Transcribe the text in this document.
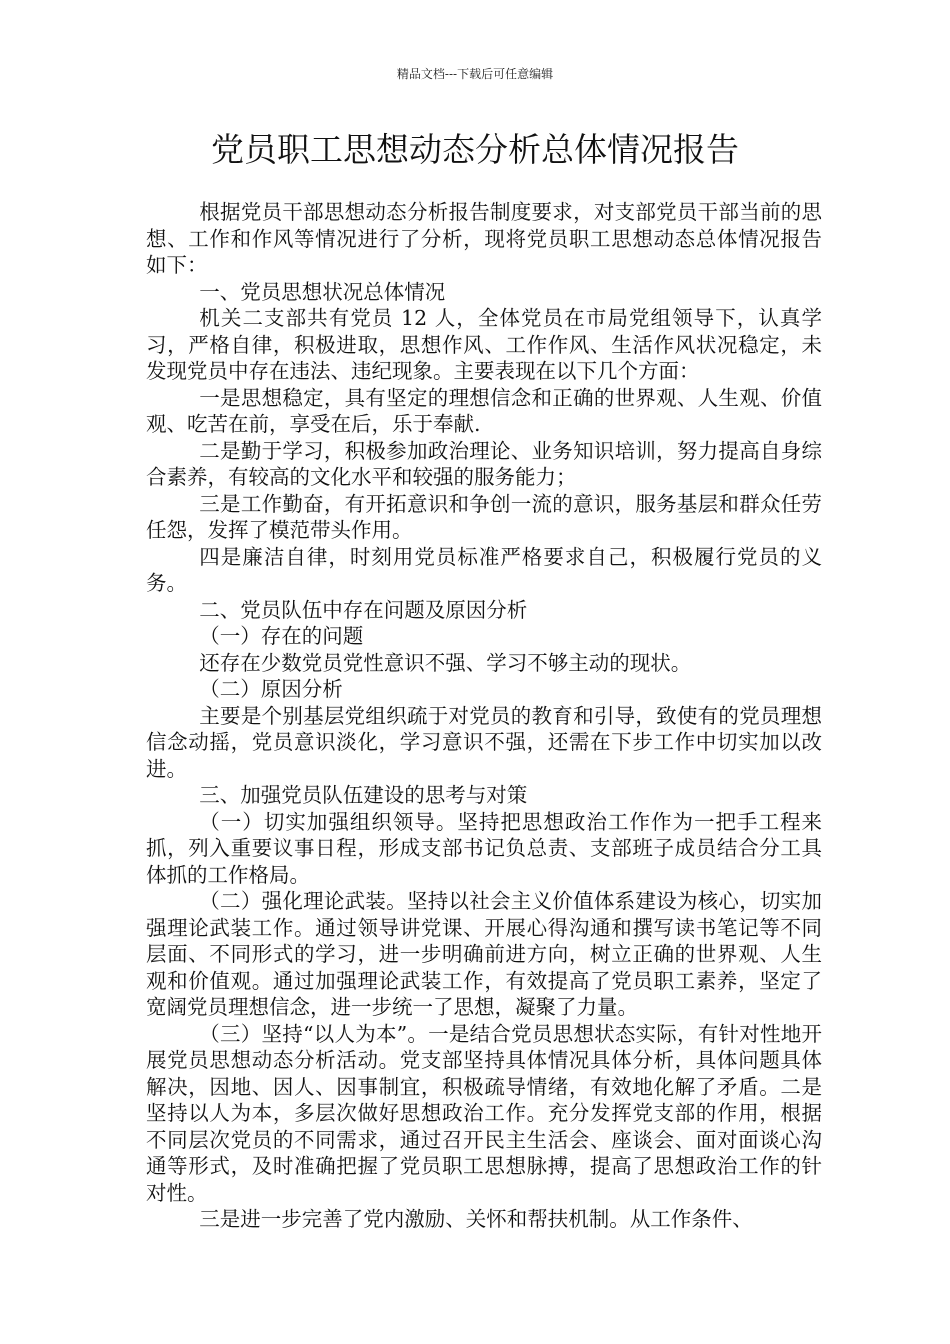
精品文档---下载后可任意编辑
党员职工思想动态分析总体情况报告

根据党员干部思想动态分析报告制度要求，对支部党员干部当前的思想、工作和作风等情况进行了分析，现将党员职工思想动态总体情况报告如下：

一、党员思想状况总体情况

机关二支部共有党员 12 人，全体党员在市局党组领导下，认真学习，严格自律，积极进取，思想作风、工作作风、生活作风状况稳定，未发现党员中存在违法、违纪现象。主要表现在以下几个方面：

一是思想稳定，具有坚定的理想信念和正确的世界观、人生观、价值观、吃苦在前，享受在后，乐于奉献.

二是勤于学习，积极参加政治理论、业务知识培训，努力提高自身综合素养，有较高的文化水平和较强的服务能力；

三是工作勤奋，有开拓意识和争创一流的意识，服务基层和群众任劳任怨，发挥了模范带头作用。

四是廉洁自律，时刻用党员标准严格要求自己，积极履行党员的义务。

二、党员队伍中存在问题及原因分析

（一）存在的问题

还存在少数党员党性意识不强、学习不够主动的现状。

（二）原因分析

主要是个别基层党组织疏于对党员的教育和引导，致使有的党员理想信念动摇，党员意识淡化，学习意识不强，还需在下步工作中切实加以改进。

三、加强党员队伍建设的思考与对策

（一）切实加强组织领导。坚持把思想政治工作作为一把手工程来抓，列入重要议事日程，形成支部书记负总责、支部班子成员结合分工具体抓的工作格局。

（二）强化理论武装。坚持以社会主义价值体系建设为核心，切实加强理论武装工作。通过领导讲党课、开展心得沟通和撰写读书笔记等不同层面、不同形式的学习，进一步明确前进方向，树立正确的世界观、人生观和价值观。通过加强理论武装工作，有效提高了党员职工素养，坚定了宽阔党员理想信念，进一步统一了思想，凝聚了力量。

（三）坚持“以人为本”。一是结合党员思想状态实际，有针对性地开展党员思想动态分析活动。党支部坚持具体情况具体分析，具体问题具体解决，因地、因人、因事制宜，积极疏导情绪，有效地化解了矛盾。二是坚持以人为本，多层次做好思想政治工作。充分发挥党支部的作用，根据不同层次党员的不同需求，通过召开民主生活会、座谈会、面对面谈心沟通等形式，及时准确把握了党员职工思想脉搏，提高了思想政治工作的针对性。

三是进一步完善了党内激励、关怀和帮扶机制。从工作条件、
